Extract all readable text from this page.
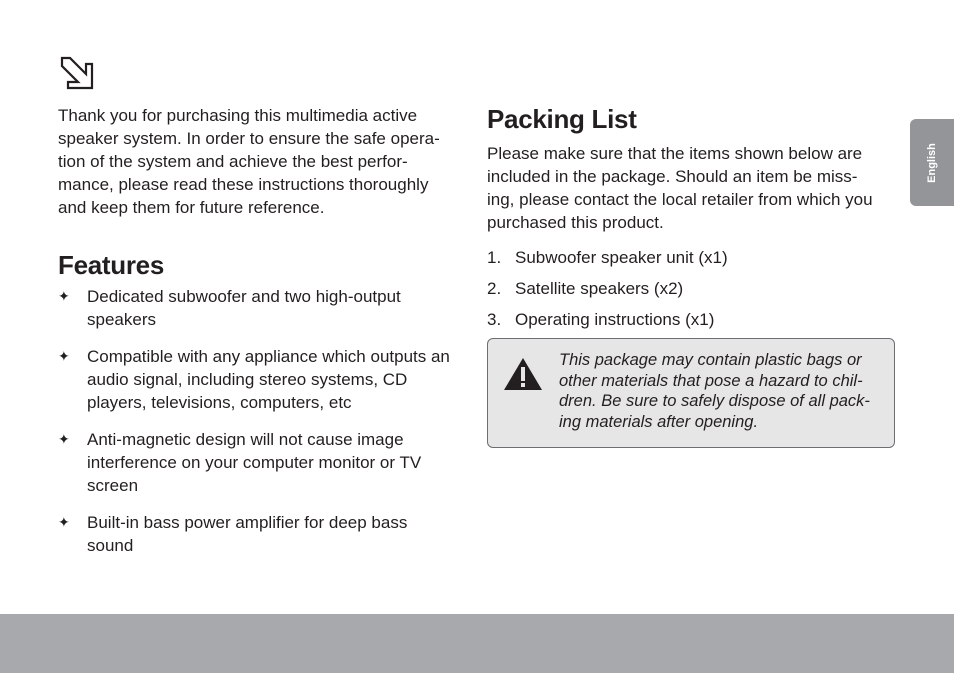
Thank you for purchasing this multimedia active
speaker system. In order to ensure the safe opera-
tion of the system and achieve the best perfor-
mance, please read these instructions thoroughly
and keep them for future reference.

Features
✦	Dedicated subwoofer and two high-output speakers
✦	Compatible with any appliance which outputs an audio signal, including stereo systems, CD players, televisions, computers, etc
✦	Anti-magnetic design will not cause image interference on your computer monitor or TV screen
✦	Built-in bass power amplifier for deep bass sound
Packing List

Please make sure that the items shown below are
included in the package. Should an item be miss-
ing, please contact the local retailer from which you
purchased this product.

1. Subwoofer speaker unit (x1)
2. Satellite speakers (x2)
3. Operating instructions (x1)

This package may contain plastic bags or
other materials that pose a hazard to chil-
dren. Be sure to safely dispose of all pack-
ing materials after opening.

English
